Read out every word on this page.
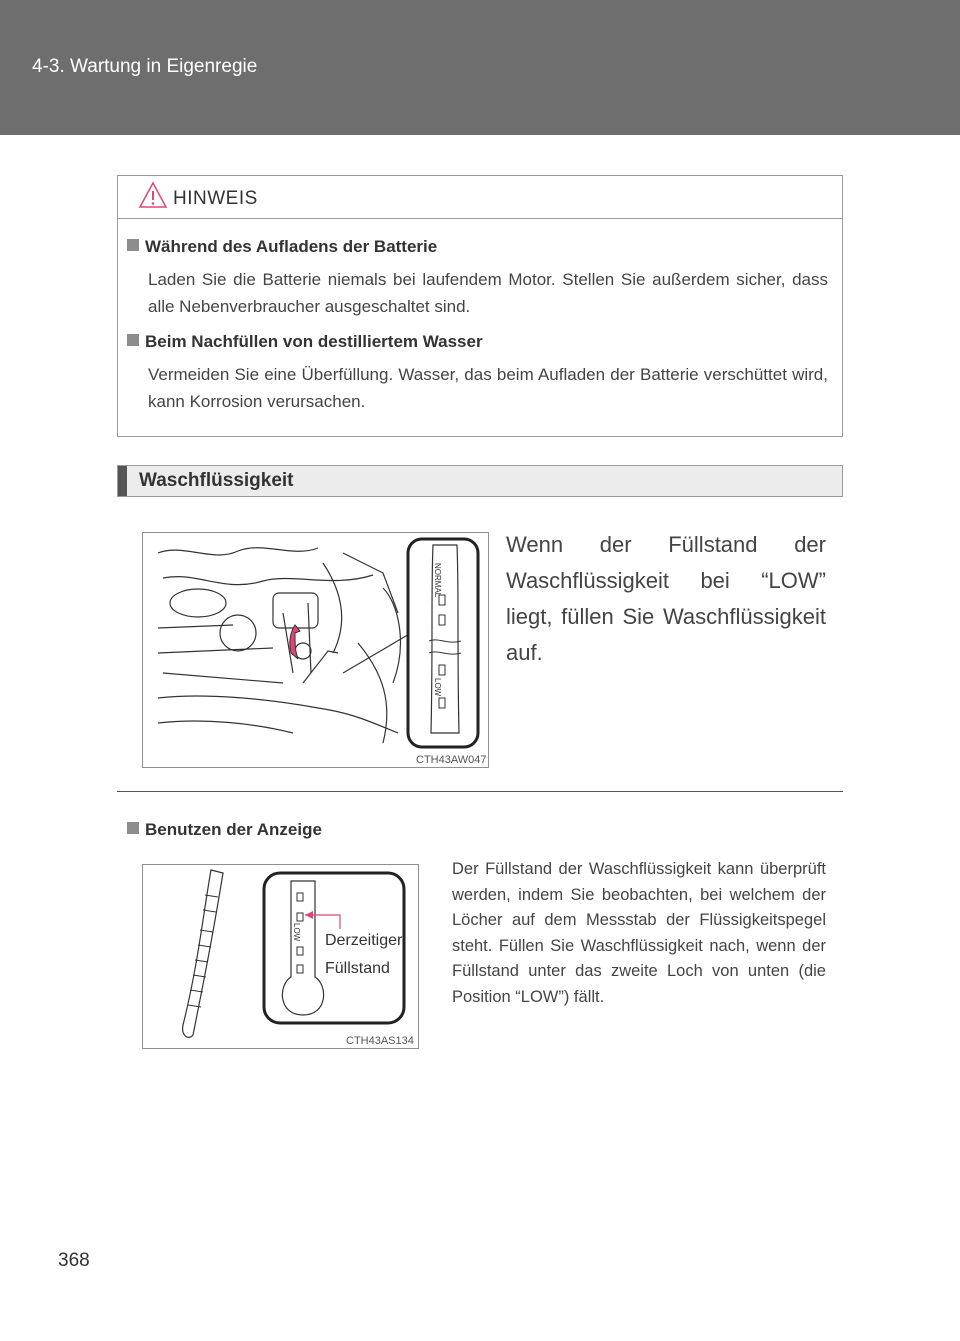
4-3. Wartung in Eigenregie
HINWEIS
Während des Aufladens der Batterie
Laden Sie die Batterie niemals bei laufendem Motor. Stellen Sie außerdem sicher, dass alle Nebenverbraucher ausgeschaltet sind.
Beim Nachfüllen von destilliertem Wasser
Vermeiden Sie eine Überfüllung. Wasser, das beim Aufladen der Batterie verschüttet wird, kann Korrosion verursachen.
Waschflüssigkeit
NORMAL
LOW
CTH43AW047
Wenn der Füllstand der Waschflüssigkeit bei “LOW” liegt, füllen Sie Waschflüssigkeit auf.
Benutzen der Anzeige
LOW Derzeitiger Füllstand
CTH43AS134
Der Füllstand der Waschflüssigkeit kann überprüft werden, indem Sie beobachten, bei welchem der Löcher auf dem Messstab der Flüssigkeitspegel steht. Füllen Sie Waschflüssigkeit nach, wenn der Füllstand unter das zweite Loch von unten (die Position “LOW”) fällt.
368
